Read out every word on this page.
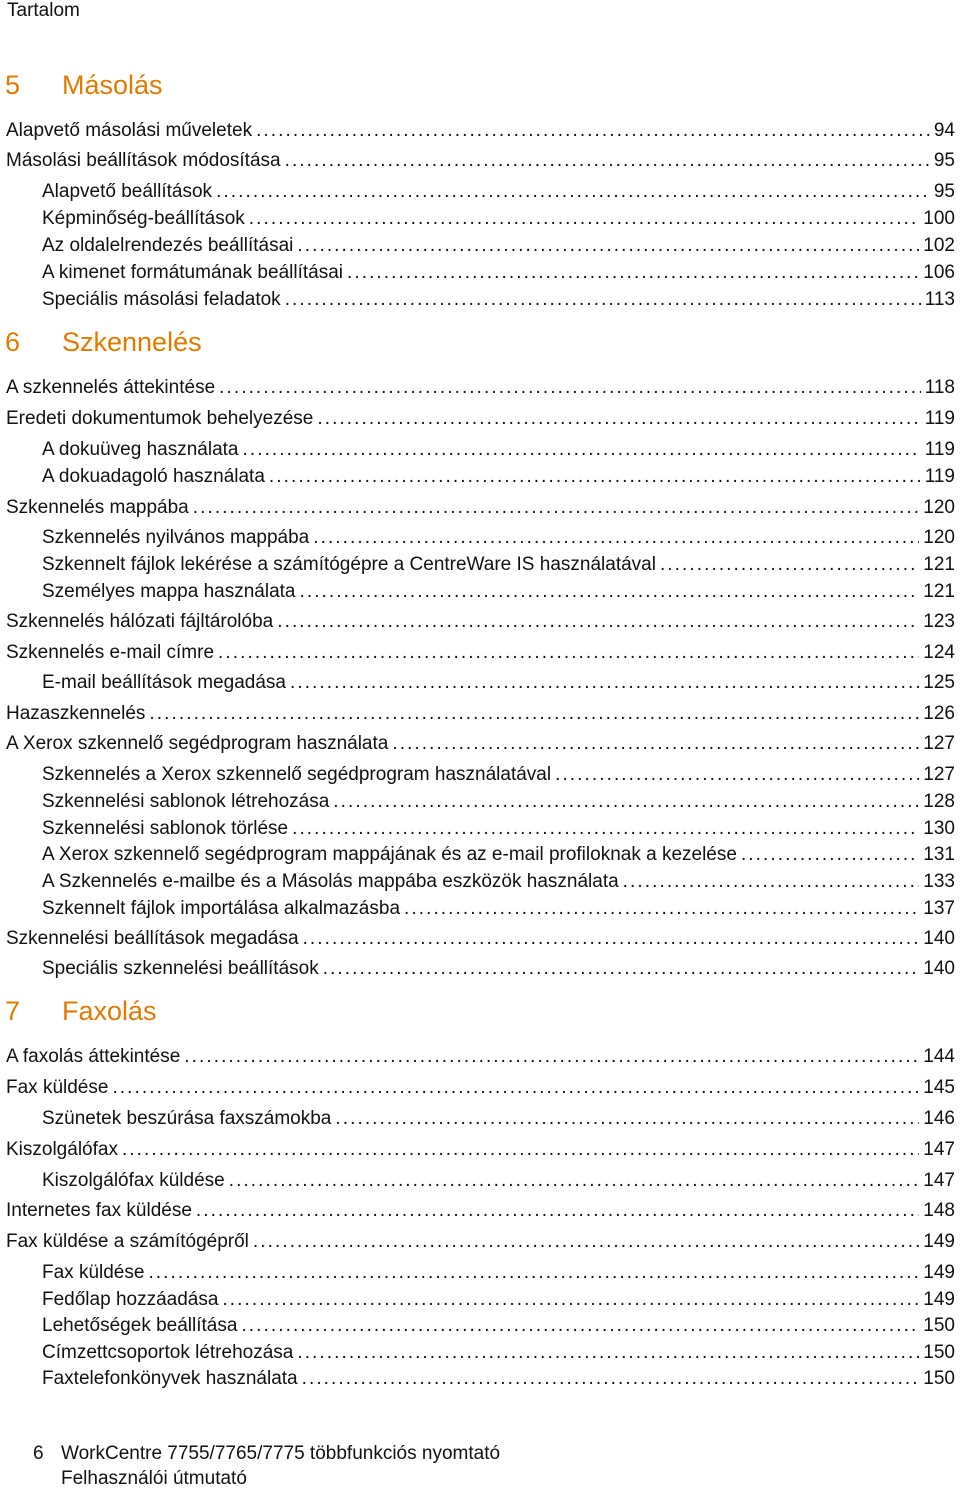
Tartalom
5 Másolás
Alapvető másolási műveletek . . .	94
Másolási beállítások módosítása . . .	95
Alapvető beállítások . . .	95
Képminőség-beállítások . . .	100
Az oldalelrendezés beállításai . . .	102
A kimenet formátumának beállításai . . .	106
Speciális másolási feladatok . . .	113
6 Szkennelés
A szkennelés áttekintése . . .	118
Eredeti dokumentumok behelyezése . . .	119
A dokuüveg használata . . .	119
A dokuadagoló használata . . .	119
Szkennelés mappába . . .	120
Szkennelés nyilvános mappába . . .	120
Szkennelt fájlok lekérése a számítógépre a CentreWare IS használatával . . .	121
Személyes mappa használata . . .	121
Szkennelés hálózati fájltárolóba . . .	123
Szkennelés e-mail címre . . .	124
E-mail beállítások megadása . . .	125
Hazaszkennelés . . .	126
A Xerox szkennelő segédprogram használata . . .	127
Szkennelés a Xerox szkennelő segédprogram használatával . . .	127
Szkennelési sablonok létrehozása . . .	128
Szkennelési sablonok törlése . . .	130
A Xerox szkennelő segédprogram mappájának és az e-mail profiloknak a kezelése . . .	131
A Szkennelés e-mailbe és a Másolás mappába eszközök használata . . .	133
Szkennelt fájlok importálása alkalmazásba . . .	137
Szkennelési beállítások megadása . . .	140
Speciális szkennelési beállítások . . .	140
7 Faxolás
A faxolás áttekintése . . .	144
Fax küldése . . .	145
Szünetek beszúrása faxszámokba . . .	146
Kiszolgálófax . . .	147
Kiszolgálófax küldése . . .	147
Internetes fax küldése . . .	148
Fax küldése a számítógépről . . .	149
Fax küldése . . .	149
Fedőlap hozzáadása . . .	149
Lehetőségek beállítása . . .	150
Címzettcsoportok létrehozása . . .	150
Faxtelefonkönyvek használata . . .	150
6 WorkCentre 7755/7765/7775 többfunkciós nyomtató
Felhasználói útmutató
